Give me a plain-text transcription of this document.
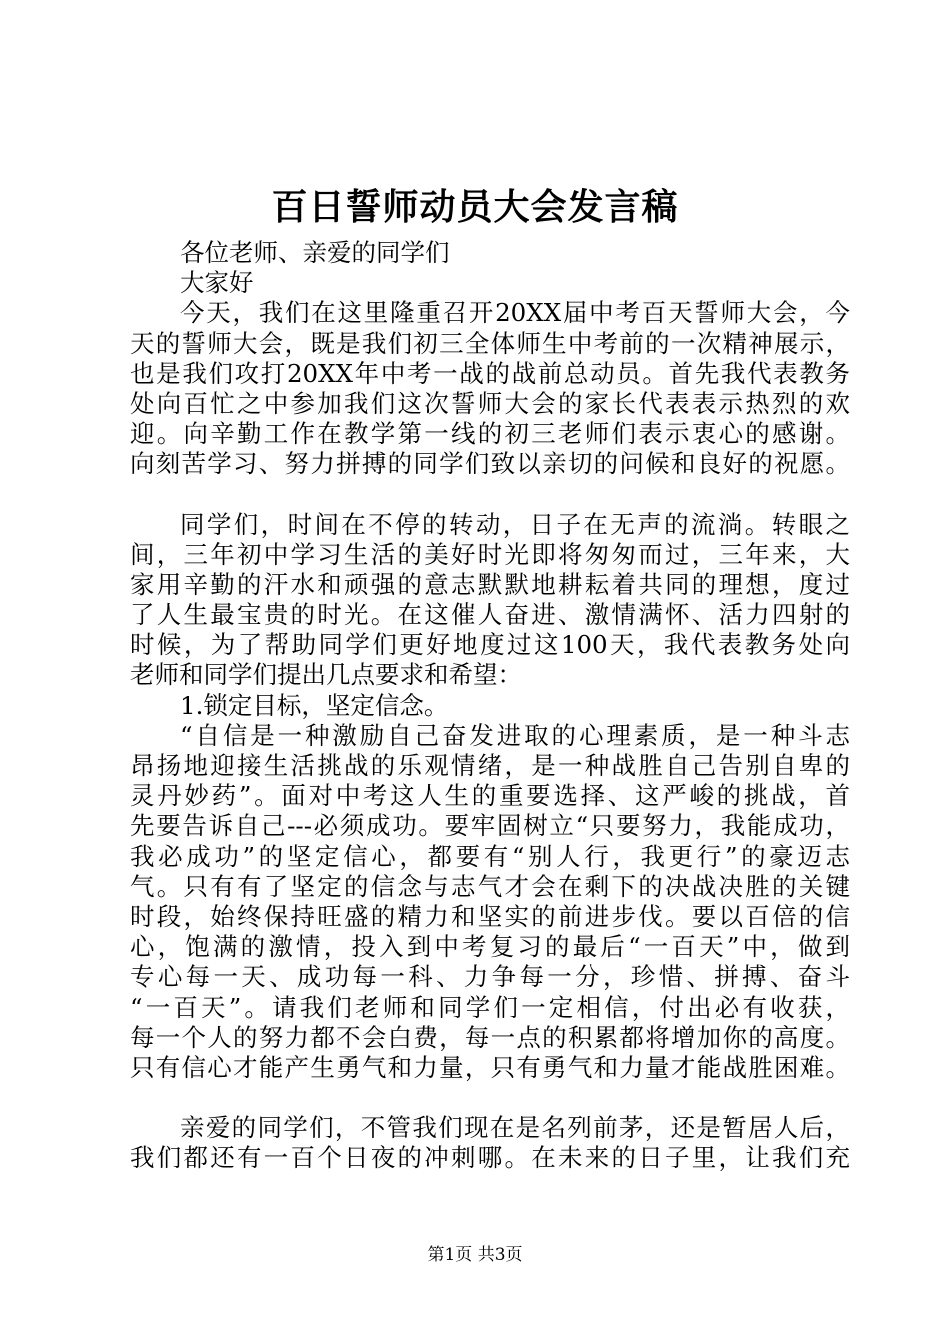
百日誓师动员大会发言稿
各位老师、亲爱的同学们
大家好
今天，我们在这里隆重召开20XX届中考百天誓师大会，今
天的誓师大会，既是我们初三全体师生中考前的一次精神展示，
也是我们攻打20XX年中考一战的战前总动员。首先我代表教务
处向百忙之中参加我们这次誓师大会的家长代表表示热烈的欢
迎。向辛勤工作在教学第一线的初三老师们表示衷心的感谢。
向刻苦学习、努力拼搏的同学们致以亲切的问候和良好的祝愿。
同学们，时间在不停的转动，日子在无声的流淌。转眼之
间，三年初中学习生活的美好时光即将匆匆而过，三年来，大
家用辛勤的汗水和顽强的意志默默地耕耘着共同的理想，度过
了人生最宝贵的时光。在这催人奋进、激情满怀、活力四射的
时候，为了帮助同学们更好地度过这100天，我代表教务处向
老师和同学们提出几点要求和希望：
1.锁定目标，坚定信念。
“自信是一种激励自己奋发进取的心理素质，是一种斗志
昂扬地迎接生活挑战的乐观情绪，是一种战胜自己告别自卑的
灵丹妙药”。面对中考这人生的重要选择、这严峻的挑战，首
先要告诉自己---必须成功。要牢固树立“只要努力，我能成功，
我必成功”的坚定信心，都要有“别人行，我更行”的豪迈志
气。只有有了坚定的信念与志气才会在剩下的决战决胜的关键
时段，始终保持旺盛的精力和坚实的前进步伐。要以百倍的信
心，饱满的激情，投入到中考复习的最后“一百天”中，做到
专心每一天、成功每一科、力争每一分，珍惜、拼搏、奋斗
“一百天”。请我们老师和同学们一定相信，付出必有收获，
每一个人的努力都不会白费，每一点的积累都将增加你的高度。
只有信心才能产生勇气和力量，只有勇气和力量才能战胜困难。
亲爱的同学们，不管我们现在是名列前茅，还是暂居人后，
我们都还有一百个日夜的冲刺哪。在未来的日子里，让我们充
第1页 共3页
